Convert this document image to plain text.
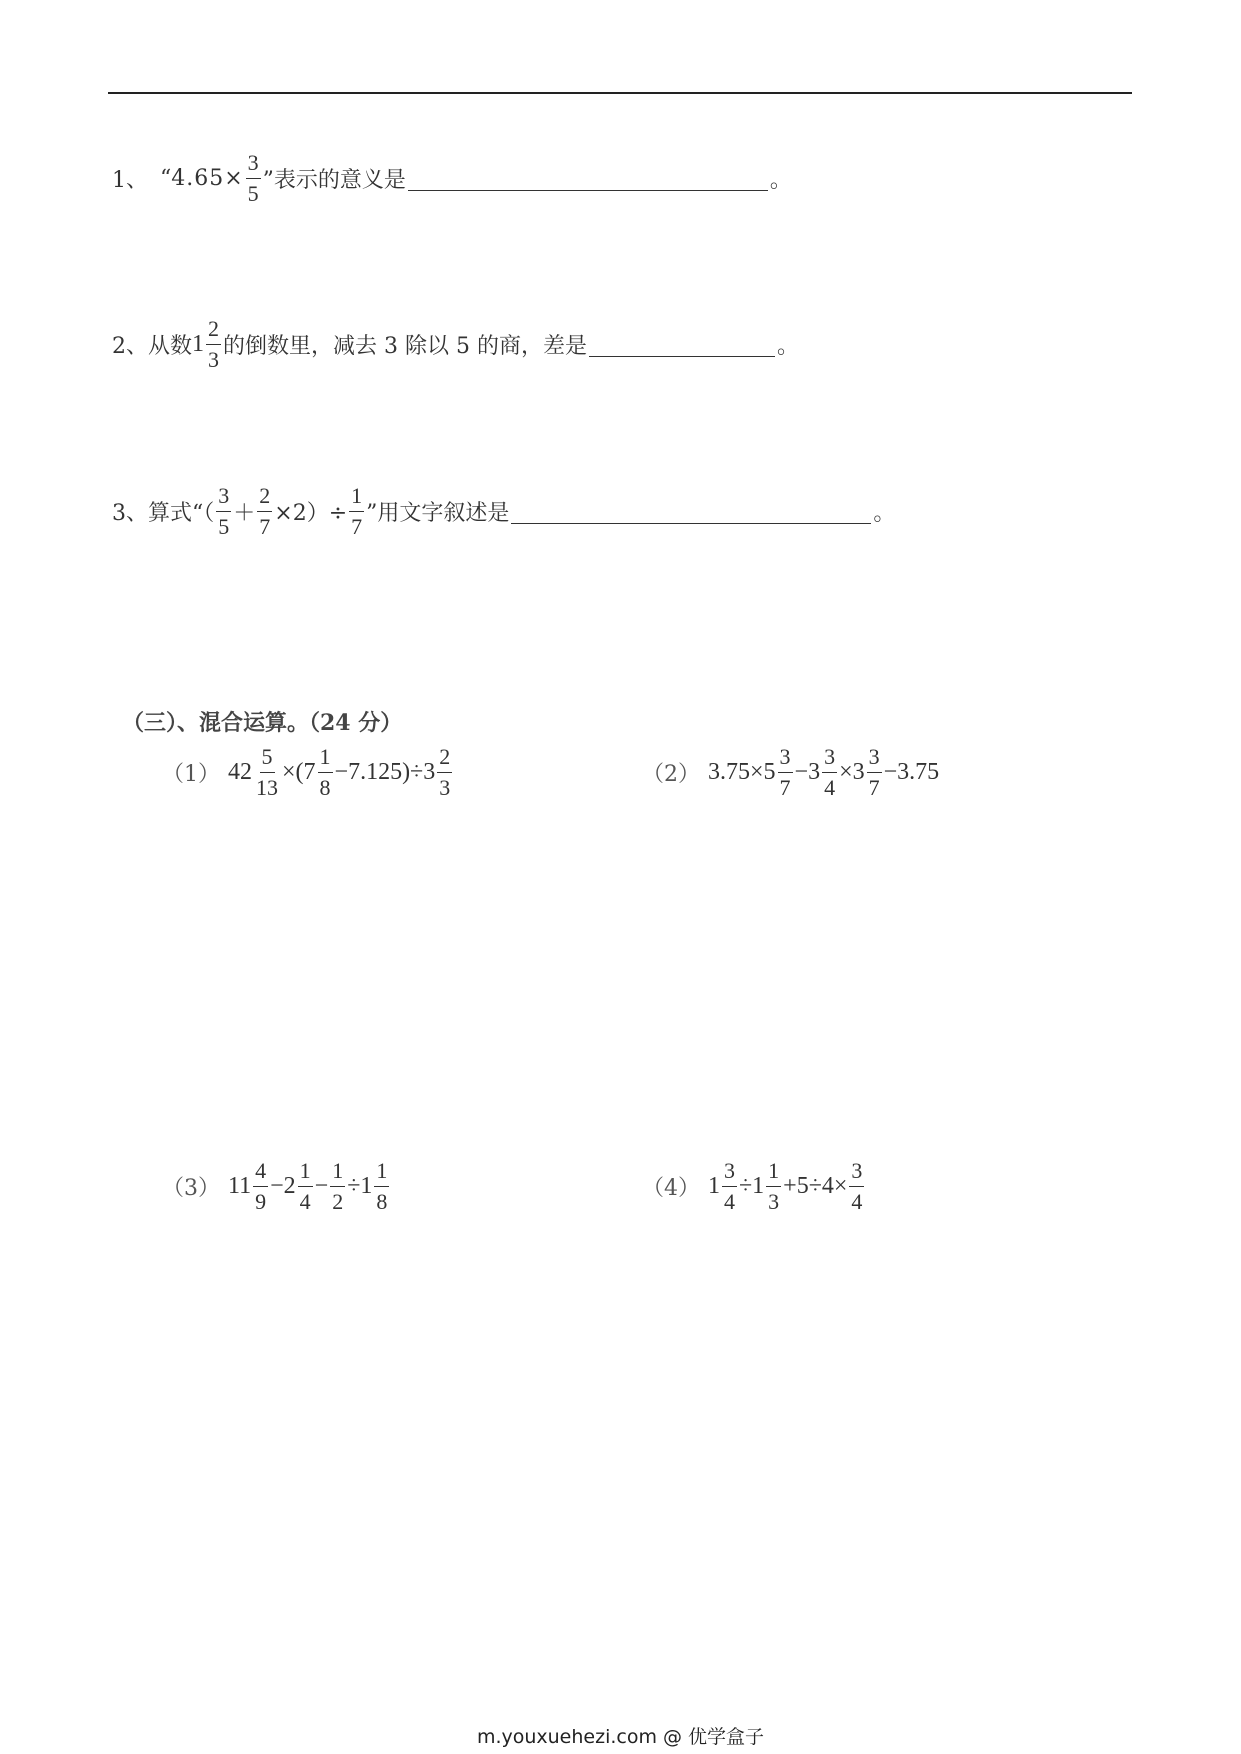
1、 “ $4.65\times \frac{3}{5}$ ”表示的意义是	。
2、 从数 $1 \frac{2}{3}$ 的倒数里，减去 3 除以 5 的商，差是	。
3、 算式“（ $\frac{3}{5} + \frac{2}{7} \times 2)\div \frac{1}{7}$ ”用文字叙述是	。
（三）、混合运算。（24 分）
（1） $42 \frac{5}{13} \times(7 \frac{1}{8} -7.125)\div 3 \frac{2}{3}$	（2） $3.75\times 5 \frac{3}{7} -3 \frac{3}{4} \times 3 \frac{3}{7} -3.75$
（3） $11 \frac{4}{9} -2 \frac{1}{4} - \frac{1}{2} \div 1 \frac{1}{8}$	（4） $1 \frac{3}{4} \div 1 \frac{1}{3} +5\div 4\times \frac{3}{4}$
m.youxuehezi.com @ 优学盒子
